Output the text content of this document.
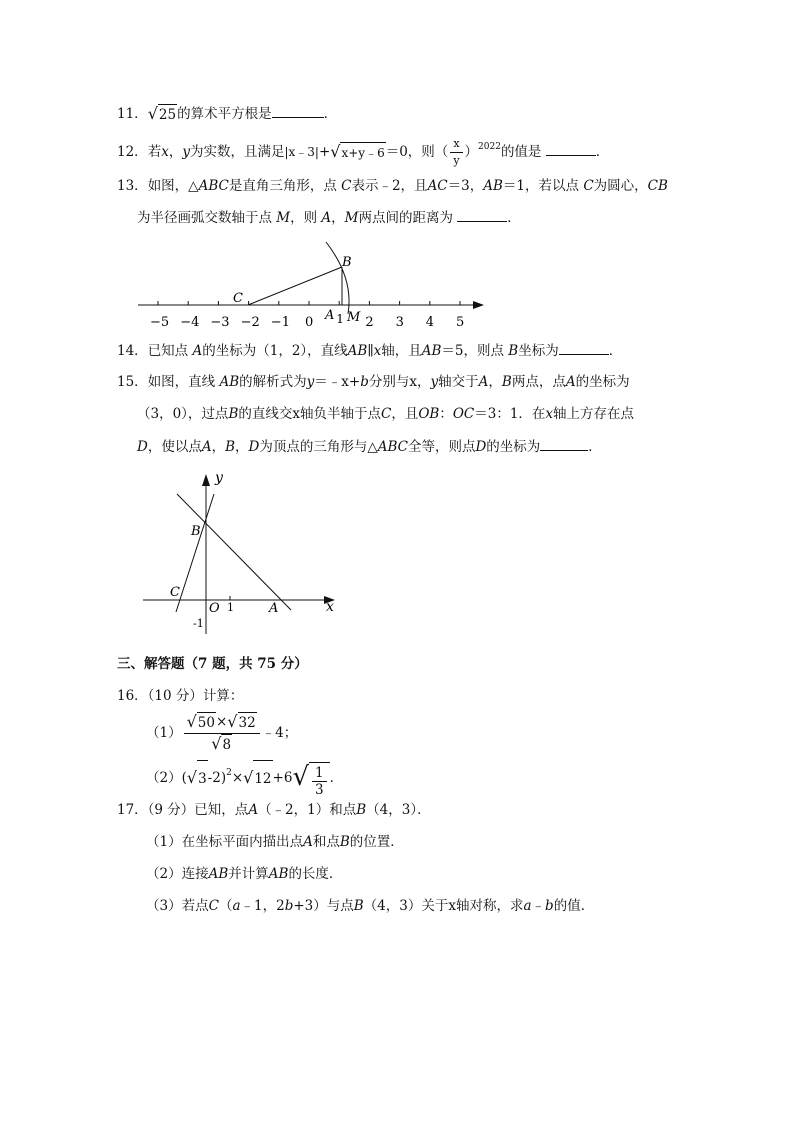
11．√25的算术平方根是	．
12．若x，y为实数，且满足|x﹣3|+√x+y﹣6＝0，则（ $\frac{x}{y} )^{2022}$的值是	．
13．如图，△ABC是直角三角形，点 C表示﹣2，且AC＝3，AB＝1，若以点 C为圆心，CB
为半径画弧交数轴于点 M，则 A，M两点间的距离为	．
−5 −4 −3 −2 −1 0	2 3 4 5
1
C
B
A M
14．已知点 A的坐标为（1，2），直线AB∥x轴，且AB＝5，则点 B坐标为	．
15．如图，直线 AB的解析式为y＝﹣x+b分别与x，y轴交于A，B两点，点A的坐标为
（3，0），过点B的直线交x轴负半轴于点C，且OB：OC＝3：1．在x轴上方存在点
D，使以点A，B，D为顶点的三角形与△ABC全等，则点D的坐标为	．
y
x
B
C
O 1	A
-1
三、解答题（7 题，共 75 分）
16．（10 分）计算：
$(1) \frac{√50\times√32}{√8}$ ﹣4；
$(2)(√3-2)^2\times√12+6√ \frac{1}{3}$ ．
17．（9 分）已知，点A（﹣2，1）和点B（4，3）．
（1）在坐标平面内描出点A和点B的位置．
（2）连接AB并计算AB的长度．
（3）若点C（a﹣1，2b+3）与点B（4，3）关于x轴对称，求a﹣b的值．
